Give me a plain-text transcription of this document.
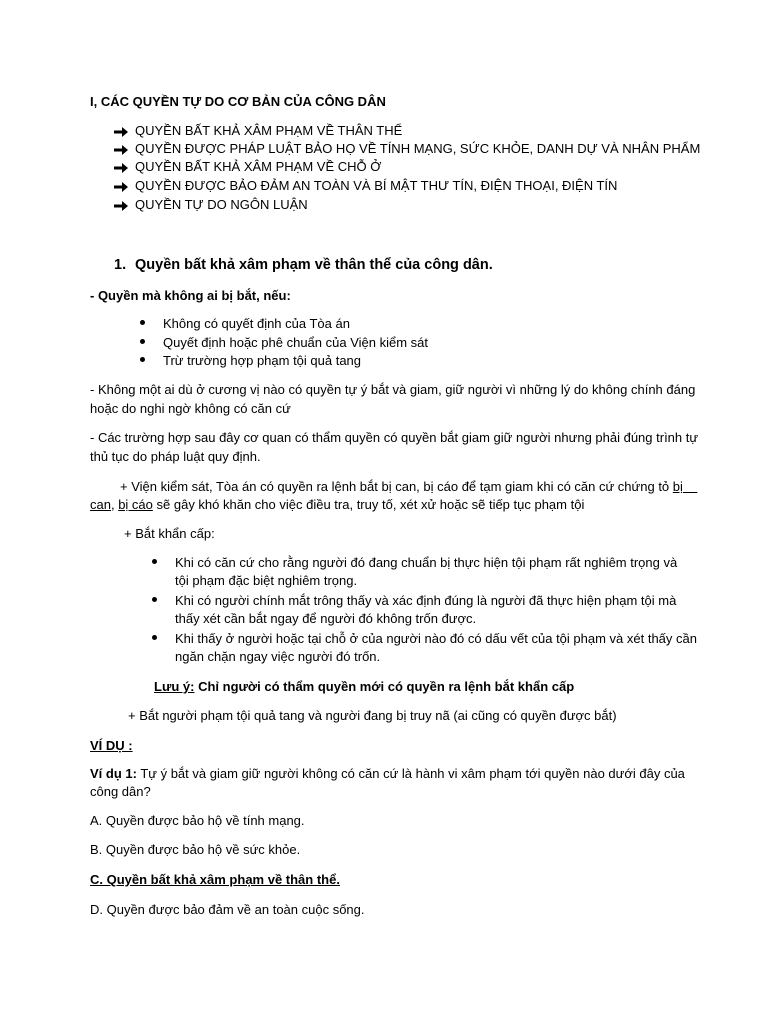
I, CÁC QUYỀN TỰ DO CƠ BẢN CỦA CÔNG DÂN
QUYỀN BẤT KHẢ XÂM PHẠM VỀ THÂN THỂ
QUYỀN ĐƯỢC PHÁP LUẬT BẢO HỌ VỀ TÍNH MẠNG, SỨC KHỎE, DANH DỰ VÀ NHÂN PHẨM
QUYỀN BẤT KHẢ XÂM PHẠM VỀ CHỖ Ở
QUYỀN ĐƯỢC BẢO ĐẢM AN TOÀN VÀ BÍ MẬT THƯ TÍN, ĐIỆN THOẠI, ĐIỆN TÍN
QUYỀN TỰ DO NGÔN LUẬN
1. Quyền bất khả xâm phạm về thân thể của công dân.
- Quyền mà không ai bị bắt, nếu:
Không có quyết định của Tòa án
Quyết định hoặc phê chuẩn của Viện kiểm sát
Trừ trường hợp phạm tội quả tang
- Không một ai dù ở cương vị nào có quyền tự ý bắt và giam, giữ người vì những lý do không chính đáng
hoặc do nghi ngờ không có căn cứ
- Các trường hợp sau đây cơ quan có thẩm quyền có quyền bắt giam giữ người nhưng phải đúng trình tự
thủ tục do pháp luật quy định.
+ Viện kiểm sát, Tòa án có quyền ra lệnh bắt bị can, bị cáo để tạm giam khi có căn cứ chứng tỏ bị
can, bị cáo sẽ gây khó khăn cho việc điều tra, truy tố, xét xử hoặc sẽ tiếp tục phạm tội
+ Bắt khẩn cấp:
Khi có căn cứ cho rằng người đó đang chuẩn bị thực hiện tội phạm rất nghiêm trọng và
tội phạm đặc biệt nghiêm trọng.
Khi có người chính mắt trông thấy và xác định đúng là người đã thực hiện phạm tội mà
thấy xét cần bắt ngay để người đó không trốn được.
Khi thấy ở người hoặc tại chỗ ở của người nào đó có dấu vết của tội phạm và xét thấy cần
ngăn chặn ngay việc người đó trốn.
Lưu ý: Chỉ người có thẩm quyền mới có quyền ra lệnh bắt khẩn cấp
+ Bắt người phạm tội quả tang và người đang bị truy nã (ai cũng có quyền được bắt)
VÍ DỤ :
Ví dụ 1: Tự ý bắt và giam giữ người không có căn cứ là hành vi xâm phạm tới quyền nào dưới đây của
công dân?
A. Quyền được bảo hộ về tính mạng.
B. Quyền được bảo hộ về sức khỏe.
C. Quyền bất khả xâm phạm về thân thể.
D. Quyền được bảo đảm về an toàn cuộc sống.
